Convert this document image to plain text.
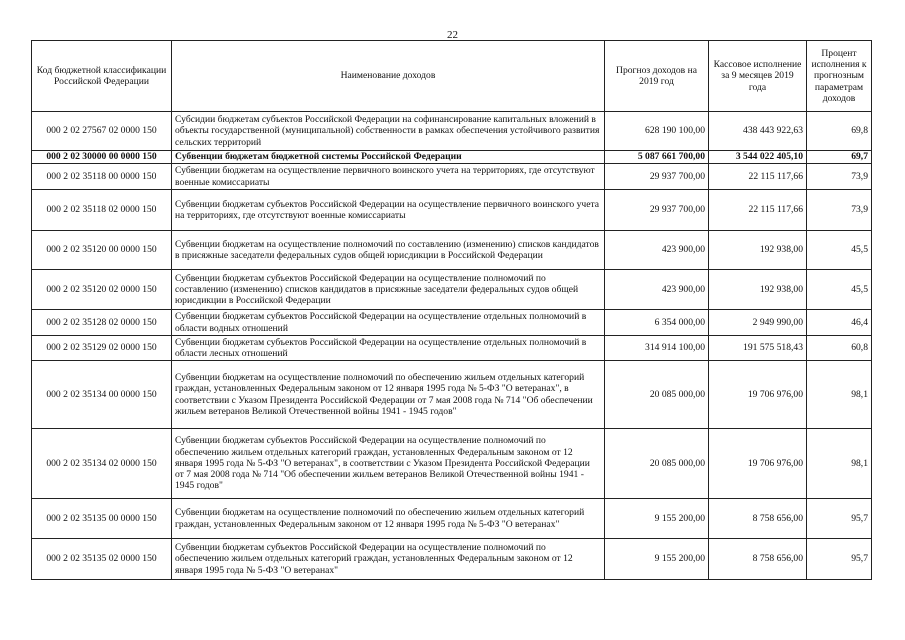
22
Код бюджетной классификации Российской Федерации	Наименование доходов	Прогноз доходов на 2019 год	Кассовое исполнение за 9 месяцев 2019 года	Процент исполнения к прогнозным параметрам доходов
000 2 02 27567 02 0000 150	Субсидии бюджетам субъектов Российской Федерации на софинансирование капитальных вложений в объекты государственной (муниципальной) собственности в рамках обеспечения устойчивого развития сельских территорий	628 190 100,00	438 443 922,63	69,8
000 2 02 30000 00 0000 150	Субвенции бюджетам бюджетной системы Российской Федерации	5 087 661 700,00	3 544 022 405,10	69,7
000 2 02 35118 00 0000 150	Субвенции бюджетам на осуществление первичного воинского учета на территориях, где отсутствуют военные комиссариаты	29 937 700,00	22 115 117,66	73,9
000 2 02 35118 02 0000 150	Субвенции бюджетам субъектов Российской Федерации на осуществление первичного воинского учета на территориях, где отсутствуют военные комиссариаты	29 937 700,00	22 115 117,66	73,9
000 2 02 35120 00 0000 150	Субвенции бюджетам на осуществление полномочий по составлению (изменению) списков кандидатов в присяжные заседатели федеральных судов общей юрисдикции в Российской Федерации	423 900,00	192 938,00	45,5
000 2 02 35120 02 0000 150	Субвенции бюджетам субъектов Российской Федерации на осуществление полномочий по составлению (изменению) списков кандидатов в присяжные заседатели федеральных судов общей юрисдикции в Российской Федерации	423 900,00	192 938,00	45,5
000 2 02 35128 02 0000 150	Субвенции бюджетам субъектов Российской Федерации на осуществление отдельных полномочий в области водных отношений	6 354 000,00	2 949 990,00	46,4
000 2 02 35129 02 0000 150	Субвенции бюджетам субъектов Российской Федерации на осуществление отдельных полномочий в области лесных отношений	314 914 100,00	191 575 518,43	60,8
000 2 02 35134 00 0000 150	Субвенции бюджетам на осуществление полномочий по обеспечению жильем отдельных категорий граждан, установленных Федеральным законом от 12 января 1995 года № 5-ФЗ "О ветеранах", в соответствии с Указом Президента Российской Федерации от 7 мая 2008 года № 714 "Об обеспечении жильем ветеранов Великой Отечественной войны 1941 - 1945 годов"	20 085 000,00	19 706 976,00	98,1
000 2 02 35134 02 0000 150	Субвенции бюджетам субъектов Российской Федерации на осуществление полномочий по обеспечению жильем отдельных категорий граждан, установленных Федеральным законом от 12 января 1995 года № 5-ФЗ "О ветеранах", в соответствии с Указом Президента Российской Федерации от 7 мая 2008 года № 714 "Об обеспечении жильем ветеранов Великой Отечественной войны 1941 - 1945 годов"	20 085 000,00	19 706 976,00	98,1
000 2 02 35135 00 0000 150	Субвенции бюджетам на осуществление полномочий по обеспечению жильем отдельных категорий граждан, установленных Федеральным законом от 12 января 1995 года № 5-ФЗ "О ветеранах"	9 155 200,00	8 758 656,00	95,7
000 2 02 35135 02 0000 150	Субвенции бюджетам субъектов Российской Федерации на осуществление полномочий по обеспечению жильем отдельных категорий граждан, установленных Федеральным законом от 12 января 1995 года № 5-ФЗ "О ветеранах"	9 155 200,00	8 758 656,00	95,7
